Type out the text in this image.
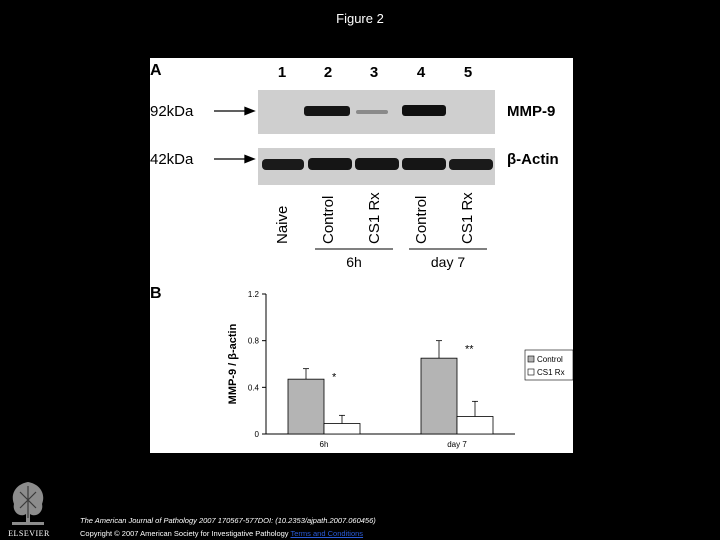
Figure 2
A	1	2	3	4	5
92kDa
42kDa
MMP-9
β-Actin
Naive Control CS1 Rx Control CS1 Rx
6h	day 7
B
0
0.4
0.8
1.2
MMP-9 / β-actin
6h	day 7
*
**
Control
CS1 Rx
The American Journal of Pathology 2007 170567-577DOI: (10.2353/ajpath.2007.060456)
Copyright © 2007 American Society for Investigative Pathology Terms and Conditions
ELSEVIER
